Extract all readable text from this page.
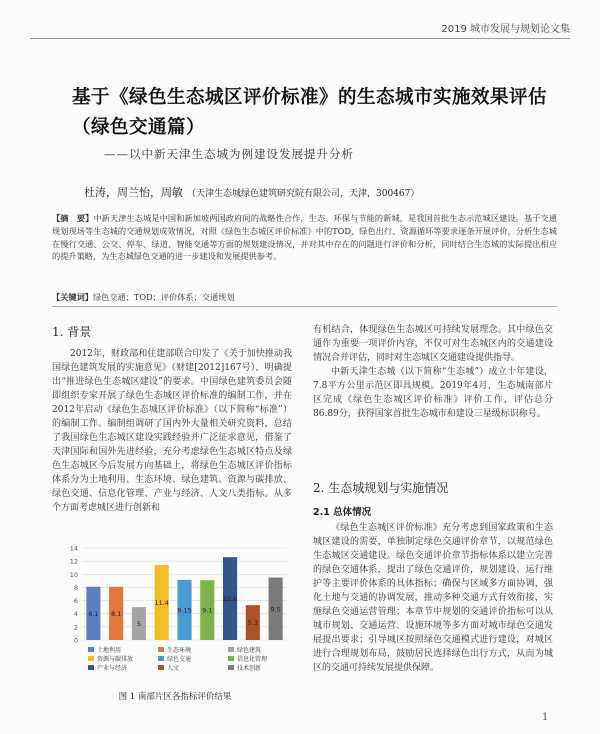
2019 城市发展与规划论文集
基于《绿色生态城区评价标准》的生态城市实施效果评估（绿色交通篇）
——以中新天津生态城为例建设发展提升分析
杜涛，周兰怡，周敏 （天津生态城绿色建筑研究院有限公司，天津，300467）
【摘　要】中新天津生态城是中国和新加坡两国政府间的战略性合作，生态、环保与节能的新城，是我国首批生态示范城区建设。基于交通规划现场等生态城的交通规划成效情况，对照《绿色生态城区评价标准》中的TOD、绿色出行、资源循环等要求逐条开展评价，分析生态城在慢行交通、公交、停车、绿道、智能交通等方面的规划建设情况，并对其中存在的问题进行评价和分析，同时结合生态城的实际提出相应的提升策略，为生态城绿色交通的进一步建设和发展提供参考。
【关键词】绿色交通；TOD；评价体系；交通规划
1. 背景

2012年，财政部和住建部联合印发了《关于加快推动我国绿色建筑发展的实施意见》（财建[2012]167号），明确提出“推进绿色生态城区建设”的要求。中国绿色建筑委员会随即组织专家开展了绿色生态城区评价标准的编制工作，并在2012年启动《绿色生态城区评价标准》（以下简称“标准”）的编制工作。编制组调研了国内外大量相关研究资料，总结了我国绿色生态城区建设实践经验并广泛征求意见，借鉴了天津国际和国外先进经验，充分考虑绿色生态城区特点及绿色生态城区今后发展方向基础上，将绿色生态城区评价指标体系分为土地利用、生态环境、绿色建筑、资源与碳排放、绿色交通、信息化管理、产业与经济、人文八类指标。从多个方面考虑城区进行创新和

0
2
4
6
8
10
12
14
8.1 8.1
5
11.4
9.15 9.1
12.6
5.3
9.5
土地利用	生态环境	绿色建筑
资源与碳排放	绿色交通	信息化管理
产业与经济	人文	技术创新
图 1 南部片区各指标评价结果

有机结合，体现绿色生态城区可持续发展理念。其中绿色交通作为重要一项评价内容，不仅可对生态城区内的交通建设情况合并评估，同时对生态城区交通建设提供指导。

中新天津生态城（以下简称“生态城”）成立十年建设，7.8平方公里示范区即具规模。2019年4月，生态城南部片区完成《绿色生态城区评价标准》评价工作，评估总分86.89分，获得国家首批生态城市和建设三星级标识称号。

2. 生态城规划与实施情况
2.1 总体情况

《绿色生态城区评价标准》充分考虑到国家政策和生态城区建设的需要，单独制定绿色交通评价章节，以规范绿色生态城区交通建设。绿色交通评价章节指标体系以建立完善的绿色交通体系，提出了绿色交通评价，规划建设、运行维护等主要评价体系的具体指标；确保与区域多方面协调，强化土地与交通的协调发展，推动多种交通方式有效衔接，实施绿色交通运营管理；本章节中规划的交通评价指标可以从城市规划、交通运营、设施环境等多方面对城市绿色交通发展提出要求；引导城区按照绿色交通模式进行建设，对城区进行合理规划布局，鼓励居民选择绿色出行方式，从而为城区的交通可持续发展提供保障。

1
